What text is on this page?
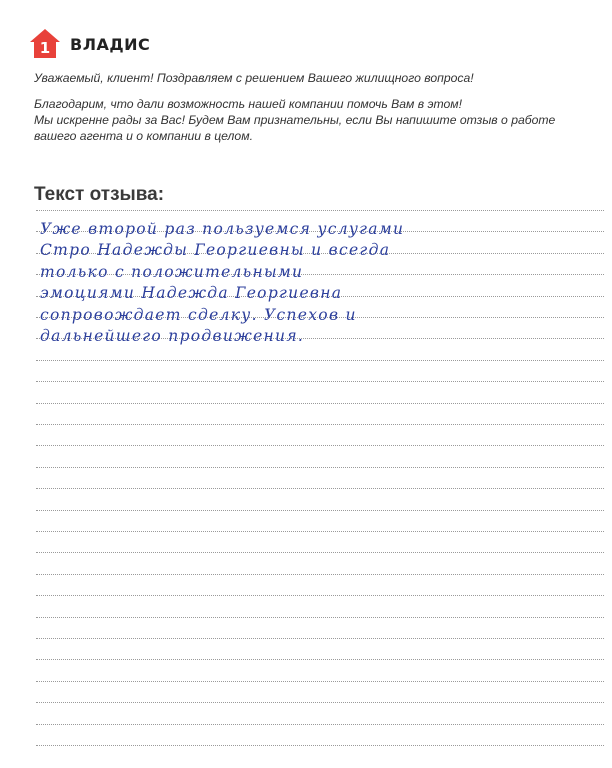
1 ВЛАДИС

Уважаемый, клиент! Поздравляем с решением Вашего жилищного вопроса!

Благодарим, что дали возможность нашей компании помочь Вам в этом!

Мы искренне рады за Вас! Будем Вам признательны, если Вы напишите отзыв о работе

вашего агента и о компании в целом.

Текст отзыва:
Уже второй раз пользуемся услугами
Стро Надежды Георгиевны и всегда
только с положительными
эмоциями Надежда Георгиевна
сопровождает сделку. Успехов и
дальнейшего продвижения.
